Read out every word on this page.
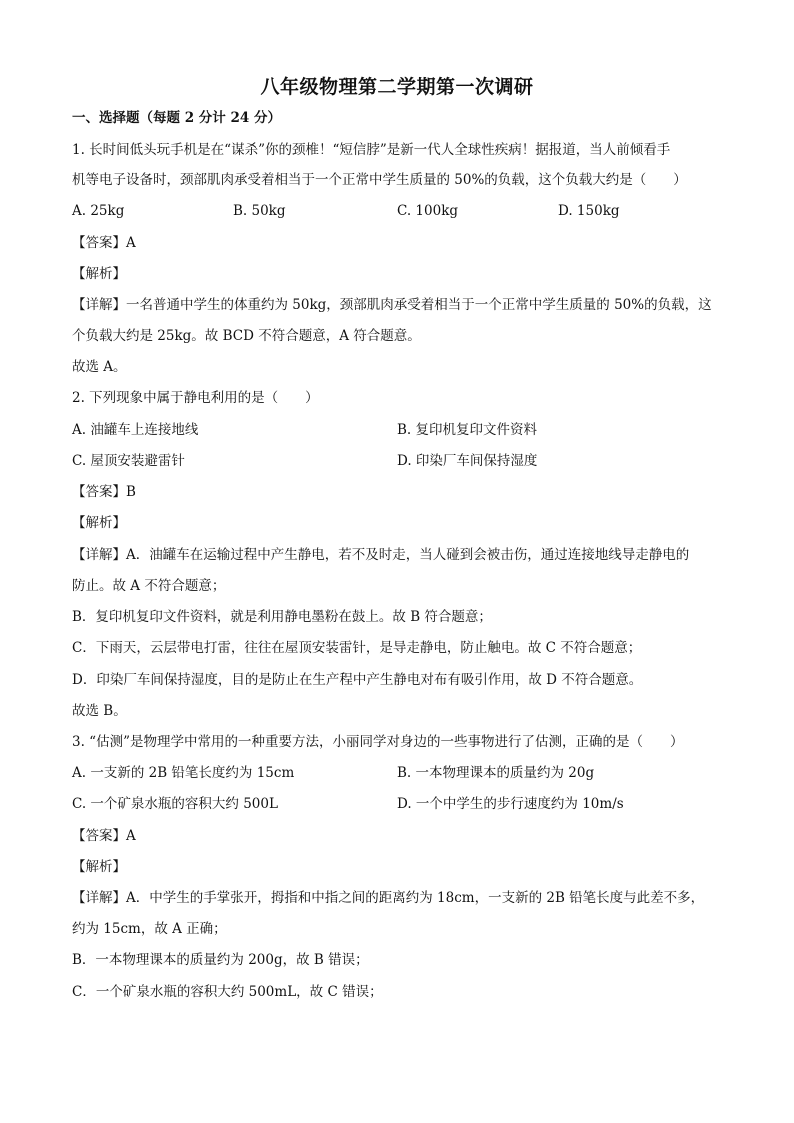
八年级物理第二学期第一次调研
一、选择题（每题 2 分计 24 分）
1. 长时间低头玩手机是在“谋杀”你的颈椎！“短信脖”是新一代人全球性疾病！据报道，当人前倾看手
机等电子设备时，颈部肌肉承受着相当于一个正常中学生质量的 50%的负载，这个负载大约是（　　）
A. 25kg	B. 50kg	C. 100kg	D. 150kg
【答案】A
【解析】
【详解】一名普通中学生的体重约为 50kg，颈部肌肉承受着相当于一个正常中学生质量的 50%的负载，这
个负载大约是 25kg。故 BCD 不符合题意，A 符合题意。
故选 A。
2. 下列现象中属于静电利用的是（　　）
A. 油罐车上连接地线	B. 复印机复印文件资料
C. 屋顶安装避雷针	D. 印染厂车间保持湿度
【答案】B
【解析】
【详解】A．油罐车在运输过程中产生静电，若不及时走，当人碰到会被击伤，通过连接地线导走静电的
防止。故 A 不符合题意；
B．复印机复印文件资料，就是利用静电墨粉在鼓上。故 B 符合题意；
C．下雨天，云层带电打雷，往往在屋顶安装雷针，是导走静电，防止触电。故 C 不符合题意；
D．印染厂车间保持湿度，目的是防止在生产程中产生静电对布有吸引作用，故 D 不符合题意。
故选 B。
3. “估测”是物理学中常用的一种重要方法，小丽同学对身边的一些事物进行了估测，正确的是（　　）
A. 一支新的 2B 铅笔长度约为 15cm	B. 一本物理课本的质量约为 20g
C. 一个矿泉水瓶的容积大约 500L	D. 一个中学生的步行速度约为 10m/s
【答案】A
【解析】
【详解】A．中学生的手掌张开，拇指和中指之间的距离约为 18cm，一支新的 2B 铅笔长度与此差不多，
约为 15cm，故 A 正确；
B．一本物理课本的质量约为 200g，故 B 错误；
C．一个矿泉水瓶的容积大约 500mL，故 C 错误；
